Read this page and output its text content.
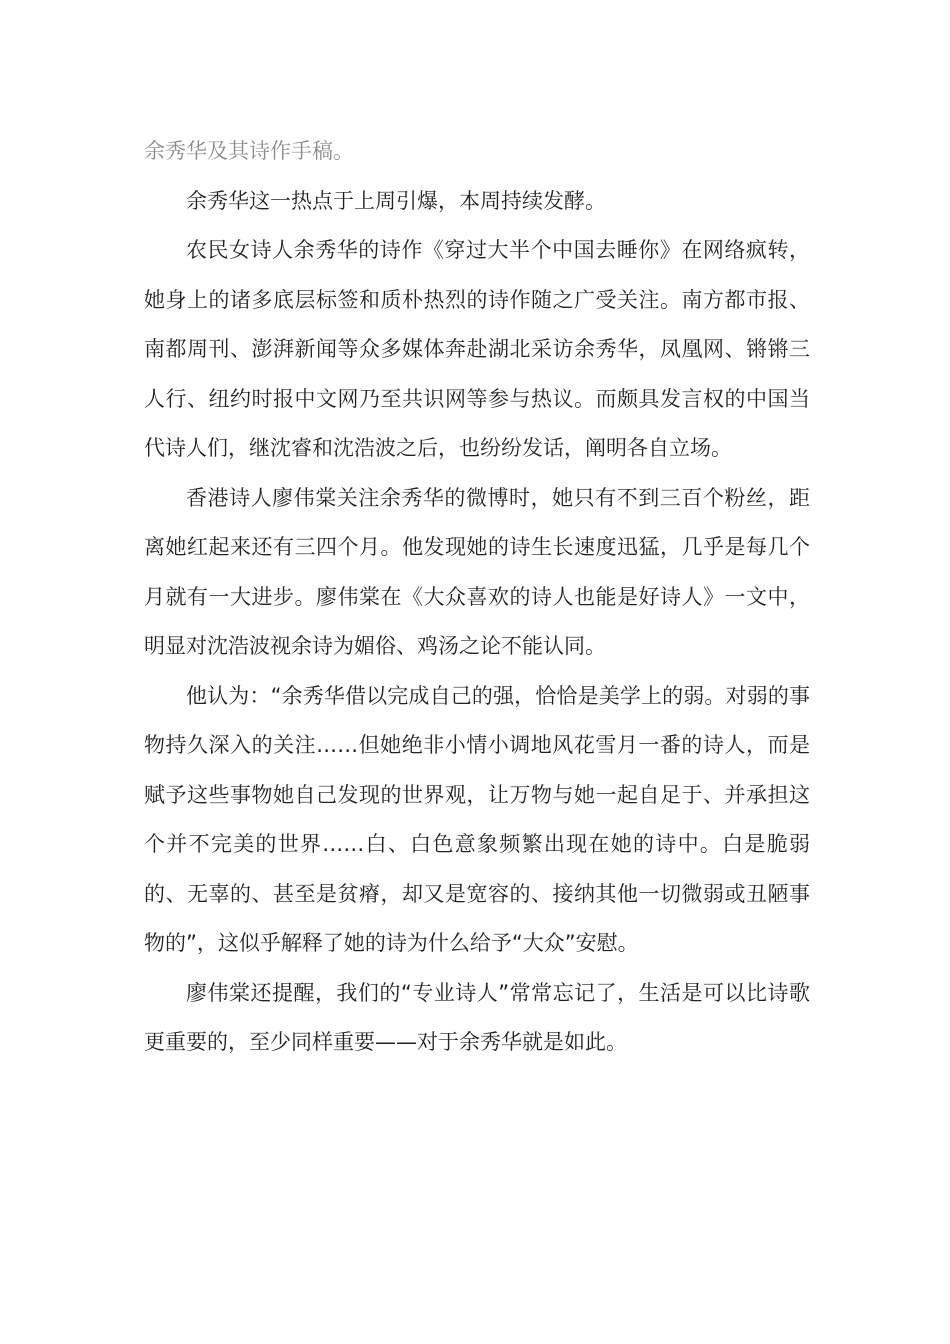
余秀华及其诗作手稿。

余秀华这一热点于上周引爆，本周持续发酵。

农民女诗人余秀华的诗作《穿过大半个中国去睡你》在网络疯转，她身上的诸多底层标签和质朴热烈的诗作随之广受关注。南方都市报、南都周刊、澎湃新闻等众多媒体奔赴湖北采访余秀华，凤凰网、锵锵三人行、纽约时报中文网乃至共识网等参与热议。而颇具发言权的中国当代诗人们，继沈睿和沈浩波之后，也纷纷发话，阐明各自立场。

香港诗人廖伟棠关注余秀华的微博时，她只有不到三百个粉丝，距离她红起来还有三四个月。他发现她的诗生长速度迅猛，几乎是每几个月就有一大进步。廖伟棠在《大众喜欢的诗人也能是好诗人》一文中，明显对沈浩波视余诗为媚俗、鸡汤之论不能认同。

他认为：“余秀华借以完成自己的强，恰恰是美学上的弱。对弱的事物持久深入的关注……但她绝非小情小调地风花雪月一番的诗人，而是赋予这些事物她自己发现的世界观，让万物与她一起自足于、并承担这个并不完美的世界……白、白色意象频繁出现在她的诗中。白是脆弱的、无辜的、甚至是贫瘠，却又是宽容的、接纳其他一切微弱或丑陋事物的”，这似乎解释了她的诗为什么给予“大众”安慰。

廖伟棠还提醒，我们的“专业诗人”常常忘记了，生活是可以比诗歌更重要的，至少同样重要——对于余秀华就是如此。
